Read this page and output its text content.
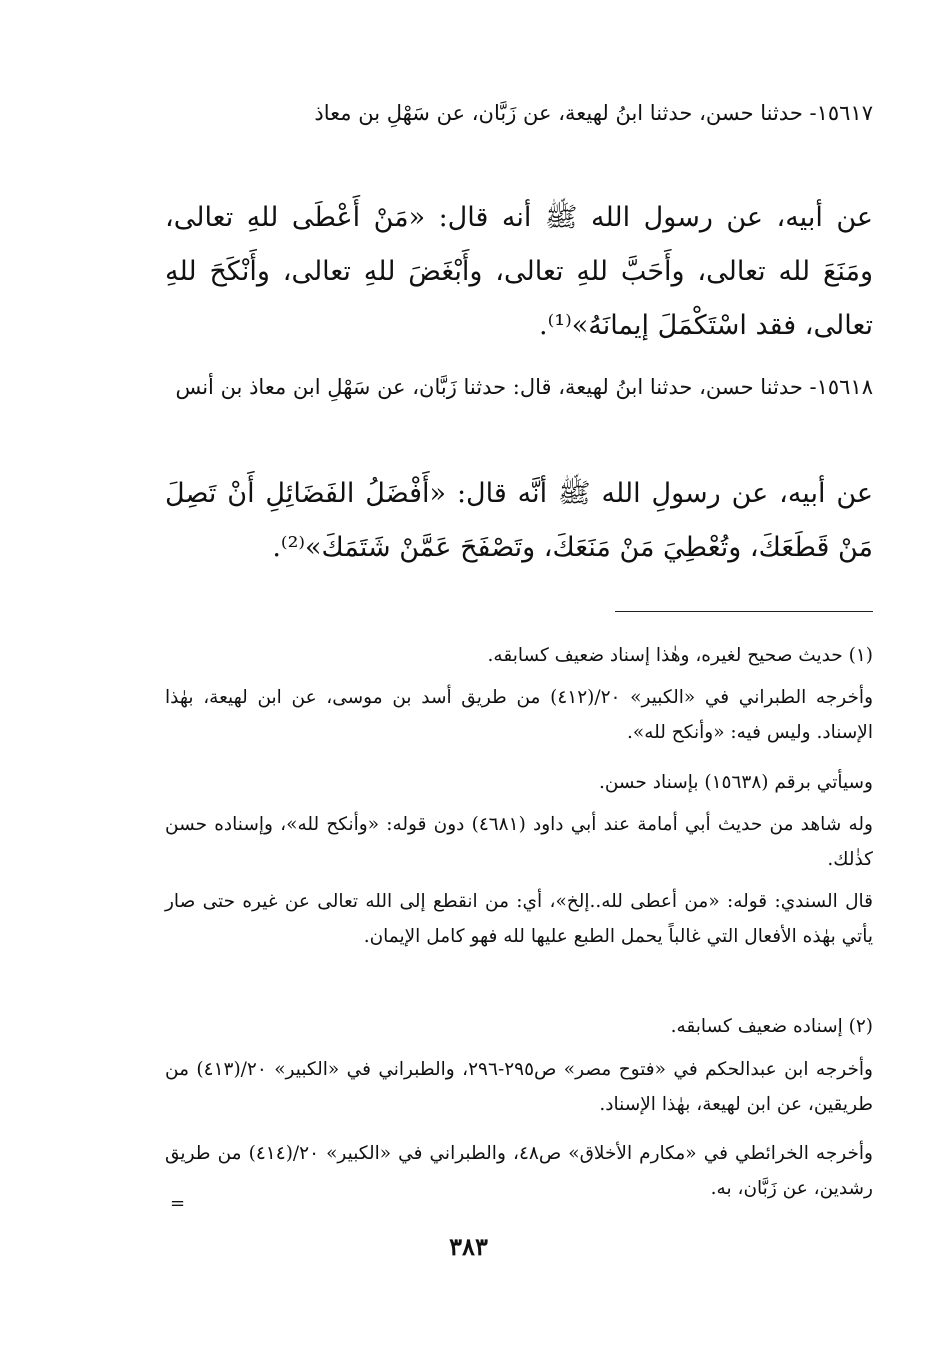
١٥٦١٧- حدثنا حسن، حدثنا ابنُ لهيعة، عن زَبَّان، عن سَهْلِ بن معاذ

عن أبيه، عن رسول الله ﷺ أنه قال: «مَنْ أَعْطَى للهِ تعالى، ومَنَعَ لله تعالى، وأَحَبَّ للهِ تعالى، وأَبْغَضَ للهِ تعالى، وأَنْكَحَ للهِ تعالى، فقد اسْتَكْمَلَ إيمانَهُ»⁽¹⁾.

١٥٦١٨- حدثنا حسن، حدثنا ابنُ لهيعة، قال: حدثنا زَبَّان، عن سَهْلِ ابن معاذ بن أنس

عن أبيه، عن رسولِ الله ﷺ أنَّه قال: «أَفْضَلُ الفَضَائِلِ أَنْ تَصِلَ مَنْ قَطَعَكَ، وتُعْطِيَ مَنْ مَنَعَكَ، وتَصْفَحَ عَمَّنْ شَتَمَكَ»⁽²⁾.

(١) حديث صحيح لغيره، وهٰذا إسناد ضعيف كسابقه.

وأخرجه الطبراني في «الكبير» ٢٠/(٤١٢) من طريق أسد بن موسى، عن ابن لهيعة، بهٰذا الإسناد. وليس فيه: «وأنكح لله».

وسيأتي برقم (١٥٦٣٨) بإسناد حسن.

وله شاهد من حديث أبي أمامة عند أبي داود (٤٦٨١) دون قوله: «وأنكح لله»، وإسناده حسن كذٰلك.

قال السندي: قوله: «من أعطى لله..إلخ»، أي: من انقطع إلى الله تعالى عن غيره حتى صار يأتي بهٰذه الأفعال التي غالباً يحمل الطبع عليها لله فهو كامل الإيمان.

(٢) إسناده ضعيف كسابقه.

وأخرجه ابن عبدالحكم في «فتوح مصر» ص٢٩٥-٢٩٦، والطبراني في «الكبير» ٢٠/(٤١٣) من طريقين، عن ابن لهيعة، بهٰذا الإسناد.

وأخرجه الخرائطي في «مكارم الأخلاق» ص٤٨، والطبراني في «الكبير» ٢٠/(٤١٤) من طريق رشدين، عن زَبَّان، به.

=
٣٨٣
